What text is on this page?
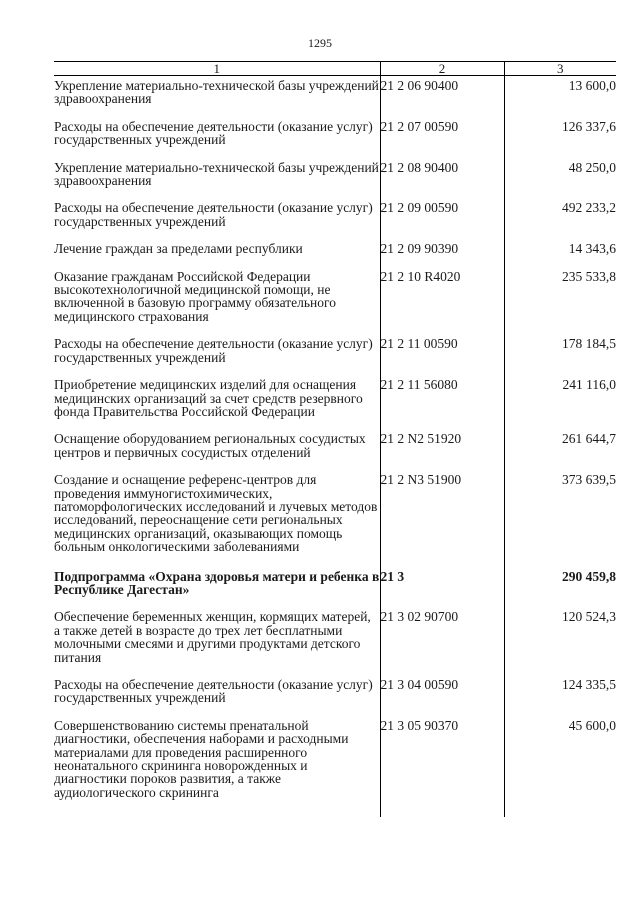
1295
1	2	3
Укрепление материально-технической базы учреждений здравоохранения	21 2 06 90400	13 600,0
Расходы на обеспечение деятельности (оказание услуг) государственных учреждений	21 2 07 00590	126 337,6
Укрепление материально-технической базы учреждений здравоохранения	21 2 08 90400	48 250,0
Расходы на обеспечение деятельности (оказание услуг) государственных учреждений	21 2 09 00590	492 233,2
Лечение граждан за пределами республики	21 2 09 90390	14 343,6
Оказание гражданам Российской Федерации высокотехнологичной медицинской помощи, не включенной в базовую программу обязательного медицинского страхования	21 2 10 R4020	235 533,8
Расходы на обеспечение деятельности (оказание услуг) государственных учреждений	21 2 11 00590	178 184,5
Приобретение медицинских изделий для оснащения медицинских организаций за счет средств резервного фонда Правительства Российской Федерации	21 2 11 56080	241 116,0
Оснащение оборудованием региональных сосудистых центров и первичных сосудистых отделений	21 2 N2 51920	261 644,7
Создание и оснащение референс-центров для проведения иммуногистохимических, патоморфологических исследований и лучевых методов исследований, переоснащение сети региональных медицинских организаций, оказывающих помощь больным онкологическими заболеваниями	21 2 N3 51900	373 639,5
Подпрограмма «Охрана здоровья матери и ребенка в Республике Дагестан»	21 3	290 459,8
Обеспечение беременных женщин, кормящих матерей, а также детей в возрасте до трех лет бесплатными молочными смесями и другими продуктами детского питания	21 3 02 90700	120 524,3
Расходы на обеспечение деятельности (оказание услуг) государственных учреждений	21 3 04 00590	124 335,5
Совершенствованию системы пренатальной диагностики, обеспечения наборами и расходными материалами для проведения расширенного неонатального скрининга новорожденных и диагностики пороков развития, а также аудиологического скрининга	21 3 05 90370	45 600,0
